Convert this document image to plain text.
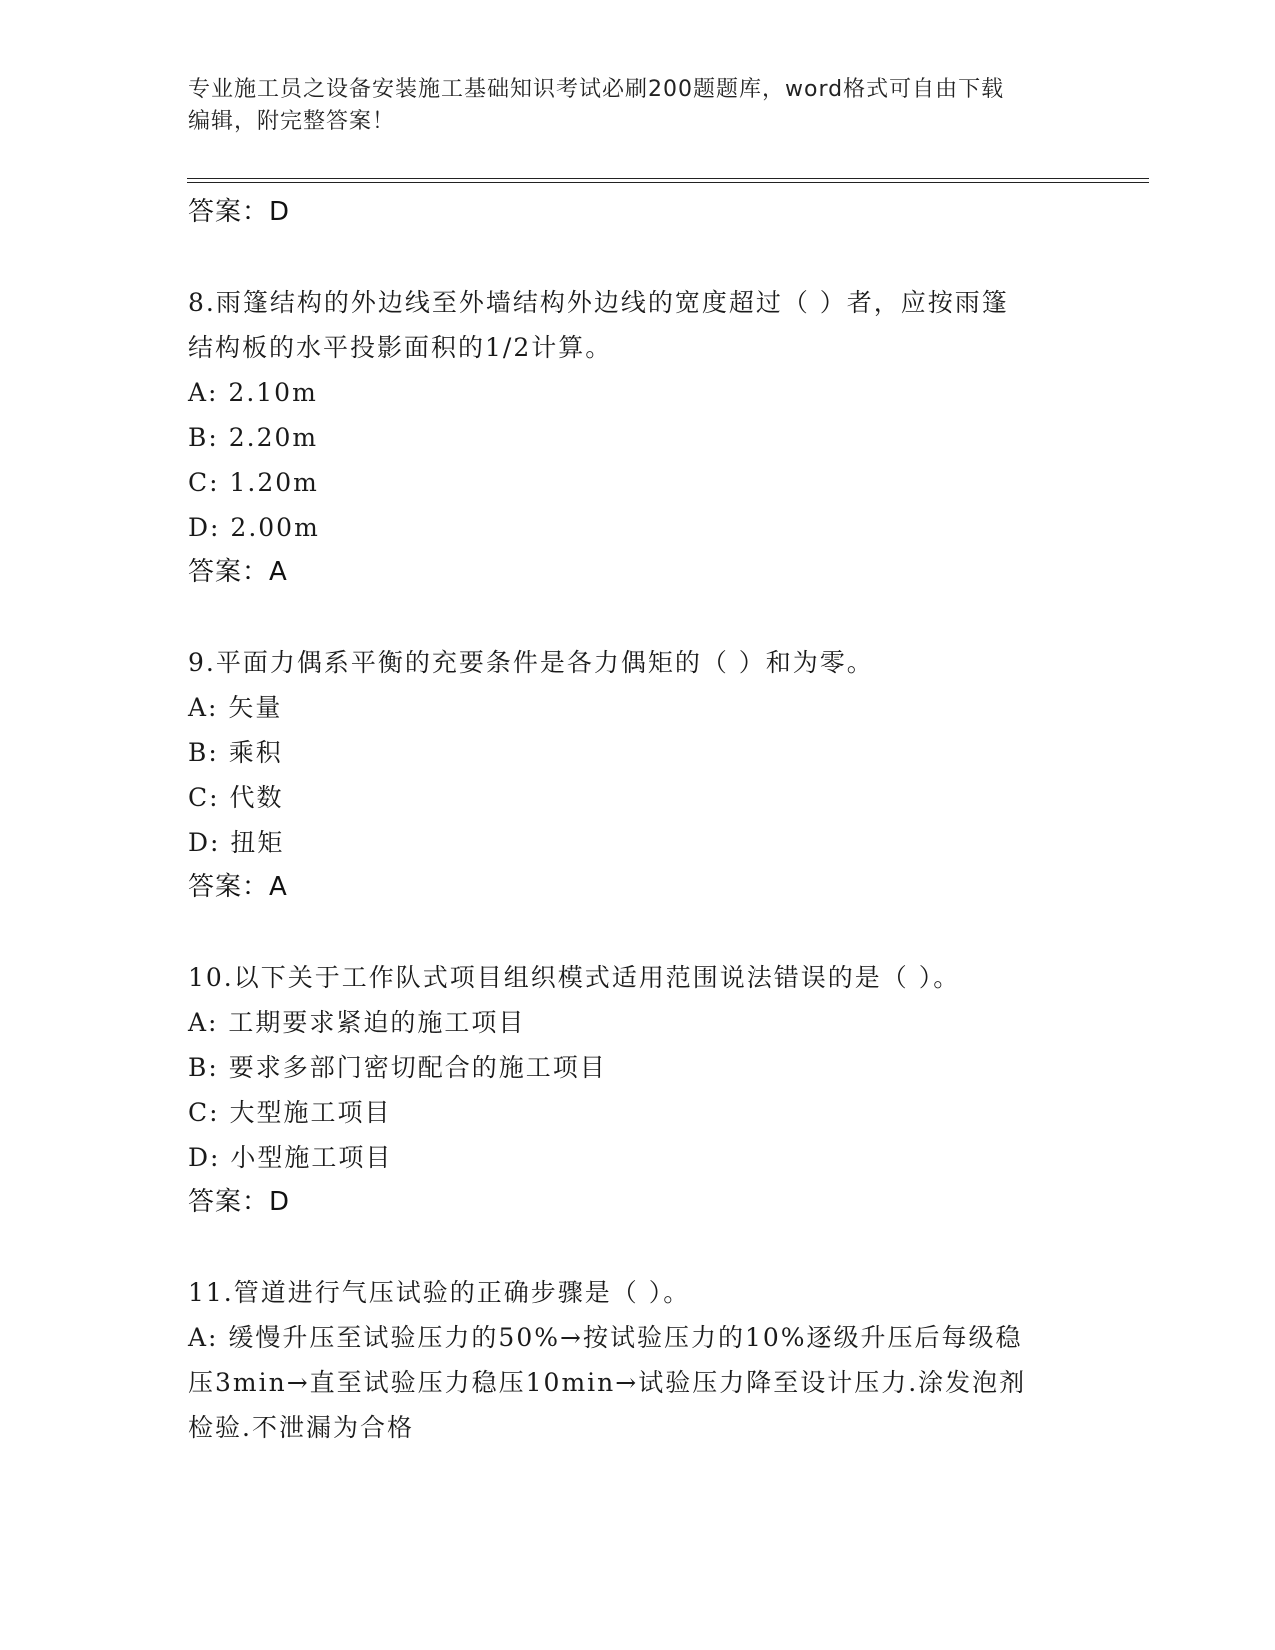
专业施工员之设备安装施工基础知识考试必刷200题题库，word格式可自由下载
编辑，附完整答案！
答案：D
8.雨篷结构的外边线至外墙结构外边线的宽度超过（ ）者，应按雨篷
结构板的水平投影面积的1/2计算。
A: 2.10m
B: 2.20m
C: 1.20m
D: 2.00m
答案：A
9.平面力偶系平衡的充要条件是各力偶矩的（ ）和为零。
A: 矢量
B: 乘积
C: 代数
D: 扭矩
答案：A
10.以下关于工作队式项目组织模式适用范围说法错误的是（ ）。
A: 工期要求紧迫的施工项目
B: 要求多部门密切配合的施工项目
C: 大型施工项目
D: 小型施工项目
答案：D
11.管道进行气压试验的正确步骤是（ ）。
A: 缓慢升压至试验压力的50%→按试验压力的10%逐级升压后每级稳
压3min→直至试验压力稳压10min→试验压力降至设计压力.涂发泡剂
检验.不泄漏为合格
